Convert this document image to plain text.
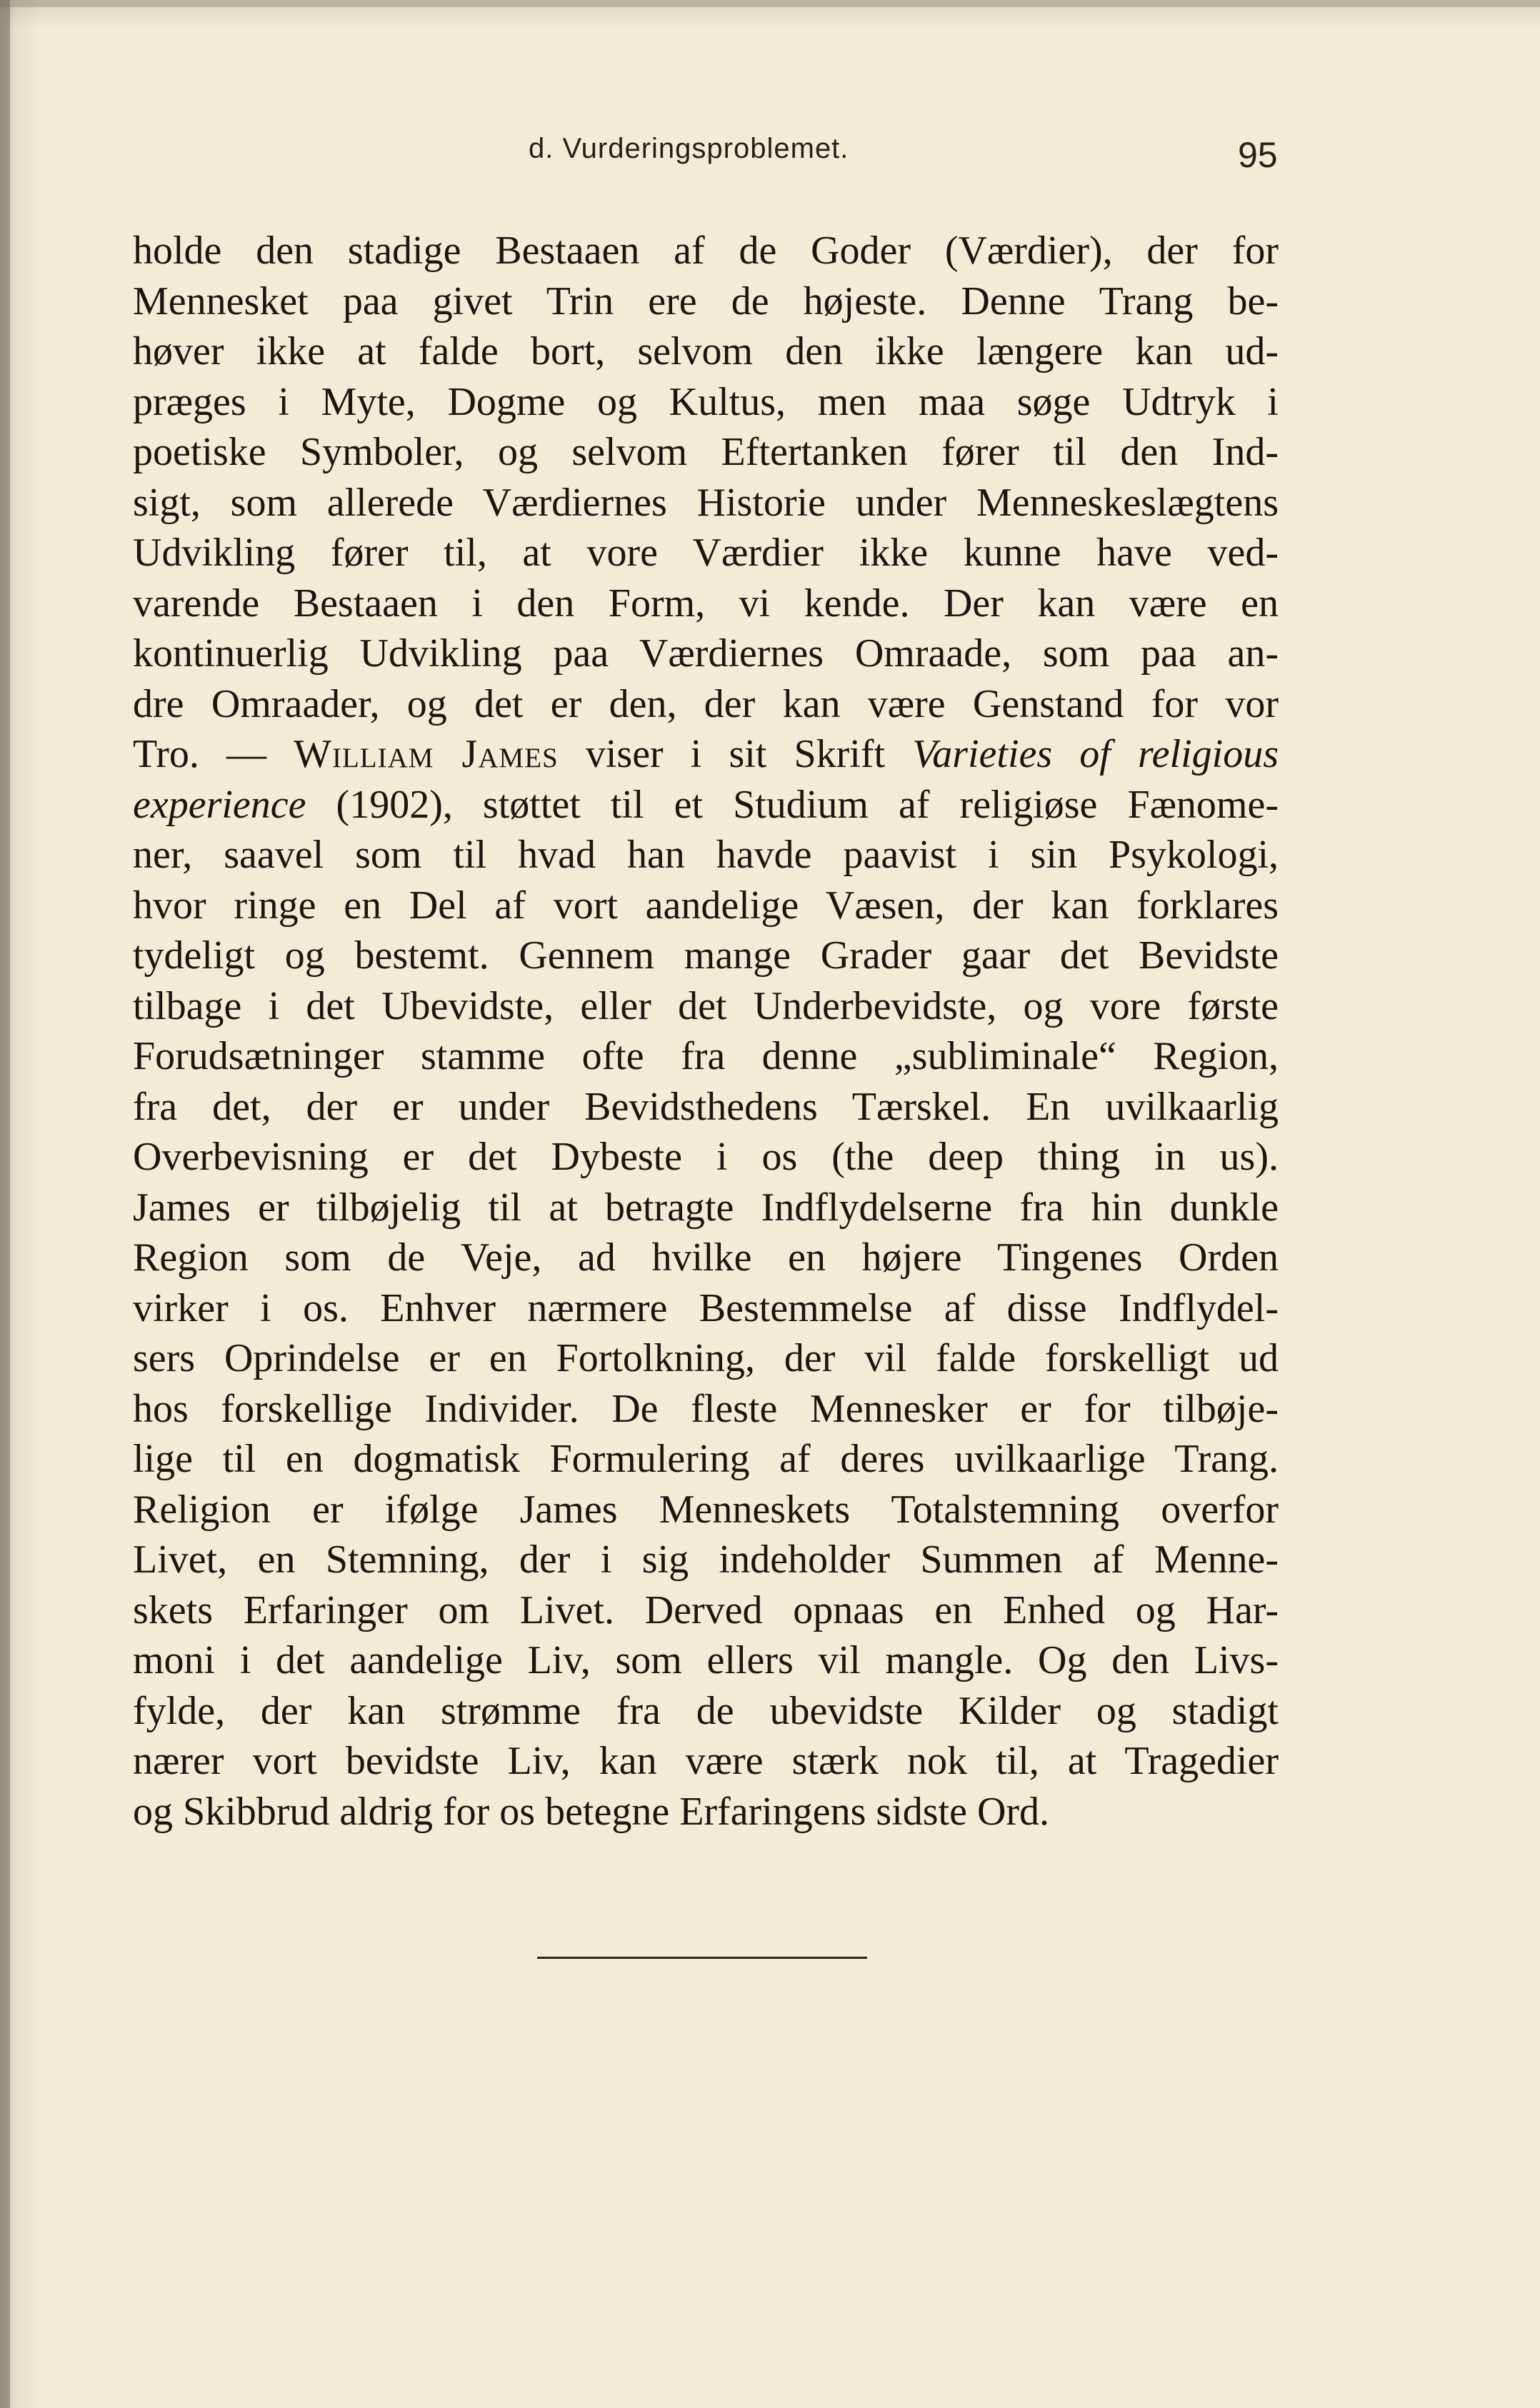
d. Vurderingsproblemet.	95
holde den stadige Bestaaen af de Goder (Værdier), der for
Mennesket paa givet Trin ere de højeste. Denne Trang be-
høver ikke at falde bort, selvom den ikke længere kan ud-
præges i Myte, Dogme og Kultus, men maa søge Udtryk i
poetiske Symboler, og selvom Eftertanken fører til den Ind-
sigt, som allerede Værdiernes Historie under Menneskeslægtens
Udvikling fører til, at vore Værdier ikke kunne have ved-
varende Bestaaen i den Form, vi kende. Der kan være en
kontinuerlig Udvikling paa Værdiernes Omraade, som paa an-
dre Omraader, og det er den, der kan være Genstand for vor
Tro. — William James viser i sit Skrift Varieties of religious
experience (1902), støttet til et Studium af religiøse Fænome-
ner, saavel som til hvad han havde paavist i sin Psykologi,
hvor ringe en Del af vort aandelige Væsen, der kan forklares
tydeligt og bestemt. Gennem mange Grader gaar det Bevidste
tilbage i det Ubevidste, eller det Underbevidste, og vore første
Forudsætninger stamme ofte fra denne „subliminale“ Region,
fra det, der er under Bevidsthedens Tærskel. En uvilkaarlig
Overbevisning er det Dybeste i os (the deep thing in us).
James er tilbøjelig til at betragte Indflydelserne fra hin dunkle
Region som de Veje, ad hvilke en højere Tingenes Orden
virker i os. Enhver nærmere Bestemmelse af disse Indflydel-
sers Oprindelse er en Fortolkning, der vil falde forskelligt ud
hos forskellige Individer. De fleste Mennesker er for tilbøje-
lige til en dogmatisk Formulering af deres uvilkaarlige Trang.
Religion er ifølge James Menneskets Totalstemning overfor
Livet, en Stemning, der i sig indeholder Summen af Menne-
skets Erfaringer om Livet. Derved opnaas en Enhed og Har-
moni i det aandelige Liv, som ellers vil mangle. Og den Livs-
fylde, der kan strømme fra de ubevidste Kilder og stadigt
nærer vort bevidste Liv, kan være stærk nok til, at Tragedier
og Skibbrud aldrig for os betegne Erfaringens sidste Ord.
